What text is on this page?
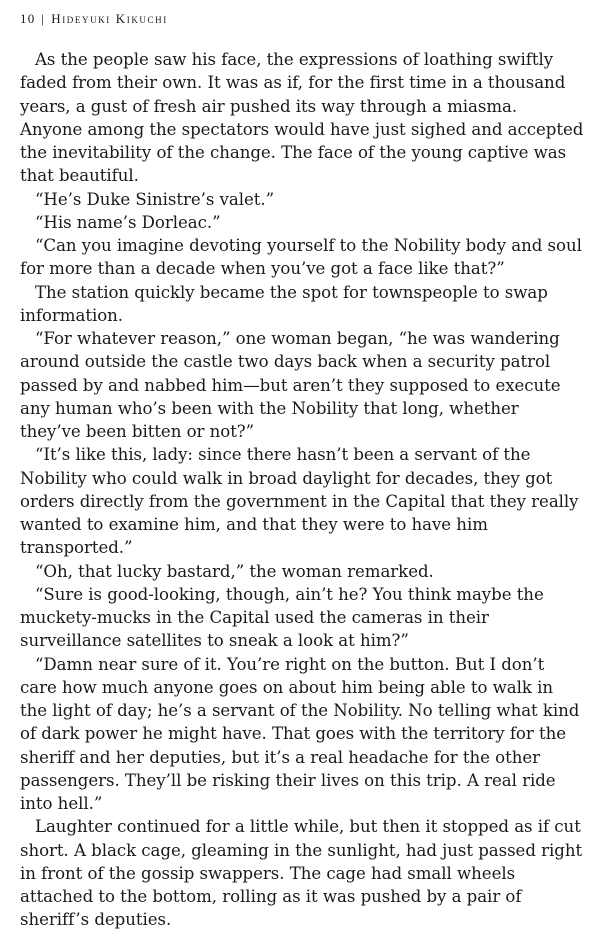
10 | Hideyuki Kikuchi

As the people saw his face, the expressions of loathing swiftly faded from their own. It was as if, for the first time in a thousand years, a gust of fresh air pushed its way through a miasma. Anyone among the spectators would have just sighed and accepted the inevitability of the change. The face of the young captive was that beautiful.

“He’s Duke Sinistre’s valet.”

“His name’s Dorleac.”

“Can you imagine devoting yourself to the Nobility body and soul for more than a decade when you’ve got a face like that?”

The station quickly became the spot for townspeople to swap information.

“For whatever reason,” one woman began, “he was wandering around outside the castle two days back when a security patrol passed by and nabbed him—but aren’t they supposed to execute any human who’s been with the Nobility that long, whether they’ve been bitten or not?”

“It’s like this, lady: since there hasn’t been a servant of the Nobility who could walk in broad daylight for decades, they got orders directly from the government in the Capital that they really wanted to examine him, and that they were to have him transported.”

“Oh, that lucky bastard,” the woman remarked.

“Sure is good-looking, though, ain’t he? You think maybe the muckety-mucks in the Capital used the cameras in their surveillance satellites to sneak a look at him?”

“Damn near sure of it. You’re right on the button. But I don’t care how much anyone goes on about him being able to walk in the light of day; he’s a servant of the Nobility. No telling what kind of dark power he might have. That goes with the territory for the sheriff and her deputies, but it’s a real headache for the other passengers. They’ll be risking their lives on this trip. A real ride into hell.”

Laughter continued for a little while, but then it stopped as if cut short. A black cage, gleaming in the sunlight, had just passed right in front of the gossip swappers. The cage had small wheels attached to the bottom, rolling as it was pushed by a pair of sheriff’s deputies.
